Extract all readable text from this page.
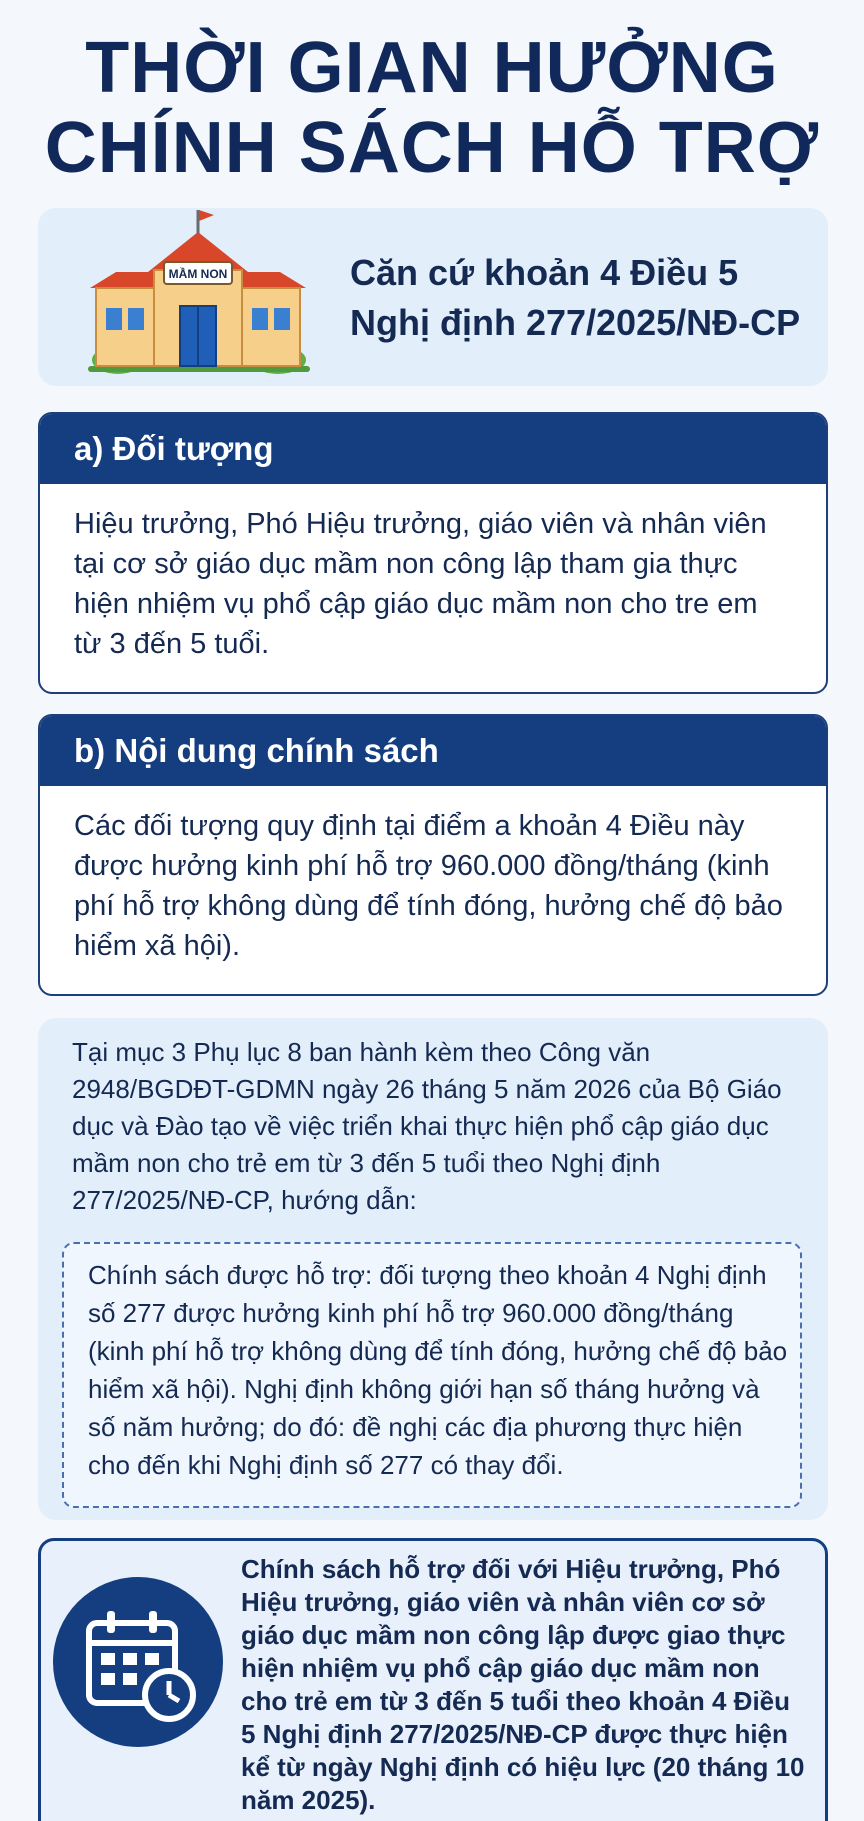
THỜI GIAN HƯỞNG
CHÍNH SÁCH HỖ TRỢ
MẦM NON	Căn cứ khoản 4 Điều 5
Nghị định 277/2025/NĐ-CP
a) Đối tượng
Hiệu trưởng, Phó Hiệu trưởng, giáo viên và nhân viên tại cơ sở giáo dục mầm non công lập tham gia thực hiện nhiệm vụ phổ cập giáo dục mầm non cho tre em từ 3 đến 5 tuổi.
b) Nội dung chính sách
Các đối tượng quy định tại điểm a khoản 4 Điều này được hưởng kinh phí hỗ trợ 960.000 đồng/tháng (kinh phí hỗ trợ không dùng để tính đóng, hưởng chế độ bảo hiểm xã hội).
Tại mục 3 Phụ lục 8 ban hành kèm theo Công văn 2948/BGDĐT-GDMN ngày 26 tháng 5 năm 2026 của Bộ Giáo dục và Đào tạo về việc triển khai thực hiện phổ cập giáo dục mầm non cho trẻ em từ 3 đến 5 tuổi theo Nghị định 277/2025/NĐ-CP, hướng dẫn:
Chính sách được hỗ trợ: đối tượng theo khoản 4 Nghị định số 277 được hưởng kinh phí hỗ trợ 960.000 đồng/tháng (kinh phí hỗ trợ không dùng để tính đóng, hưởng chế độ bảo hiểm xã hội). Nghị định không giới hạn số tháng hưởng và số năm hưởng; do đó: đề nghị các địa phương thực hiện cho đến khi Nghị định số 277 có thay đổi.
Chính sách hỗ trợ đối với Hiệu trưởng, Phó Hiệu trưởng, giáo viên và nhân viên cơ sở giáo dục mầm non công lập được giao thực hiện nhiệm vụ phổ cập giáo dục mầm non cho trẻ em từ 3 đến 5 tuổi theo khoản 4 Điều 5 Nghị định 277/2025/NĐ-CP được thực hiện kể từ ngày Nghị định có hiệu lực (20 tháng 10 năm 2025).
